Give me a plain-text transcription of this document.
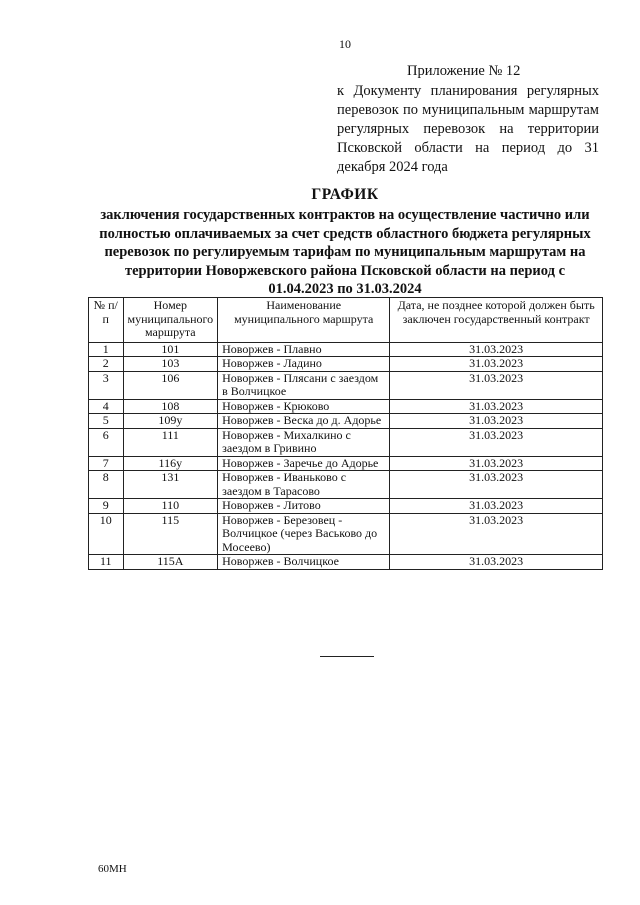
10
Приложение № 12
к Документу планирования регулярных перевозок по муниципальным маршрутам регулярных перевозок на территории Псковской области на период до 31 декабря 2024 года
ГРАФИК
заключения государственных контрактов на осуществление частично или полностью оплачиваемых за счет средств областного бюджета регулярных перевозок по регулируемым тарифам по муниципальным маршрутам на территории Новоржевского района Псковской области на период с 01.04.2023 по 31.03.2024
№ п/п	Номер муниципального маршрута	Наименование муниципального маршрута	Дата, не позднее которой должен быть заключен государственный контракт
1	101	Новоржев - Плавно	31.03.2023
2	103	Новоржев - Ладино	31.03.2023
3	106	Новоржев - Плясани с заездом в Волчицкое	31.03.2023
4	108	Новоржев - Крюково	31.03.2023
5	109у	Новоржев - Веска до д. Адорье	31.03.2023
6	111	Новоржев - Михалкино с заездом в Гривино	31.03.2023
7	116у	Новоржев - Заречье до Адорье	31.03.2023
8	131	Новоржев - Иваньково с заездом в Тарасово	31.03.2023
9	110	Новоржев - Литово	31.03.2023
10	115	Новоржев - Березовец - Волчицкое (через Васьково до Мосеево)	31.03.2023
11	115А	Новоржев - Волчицкое	31.03.2023
60МН
